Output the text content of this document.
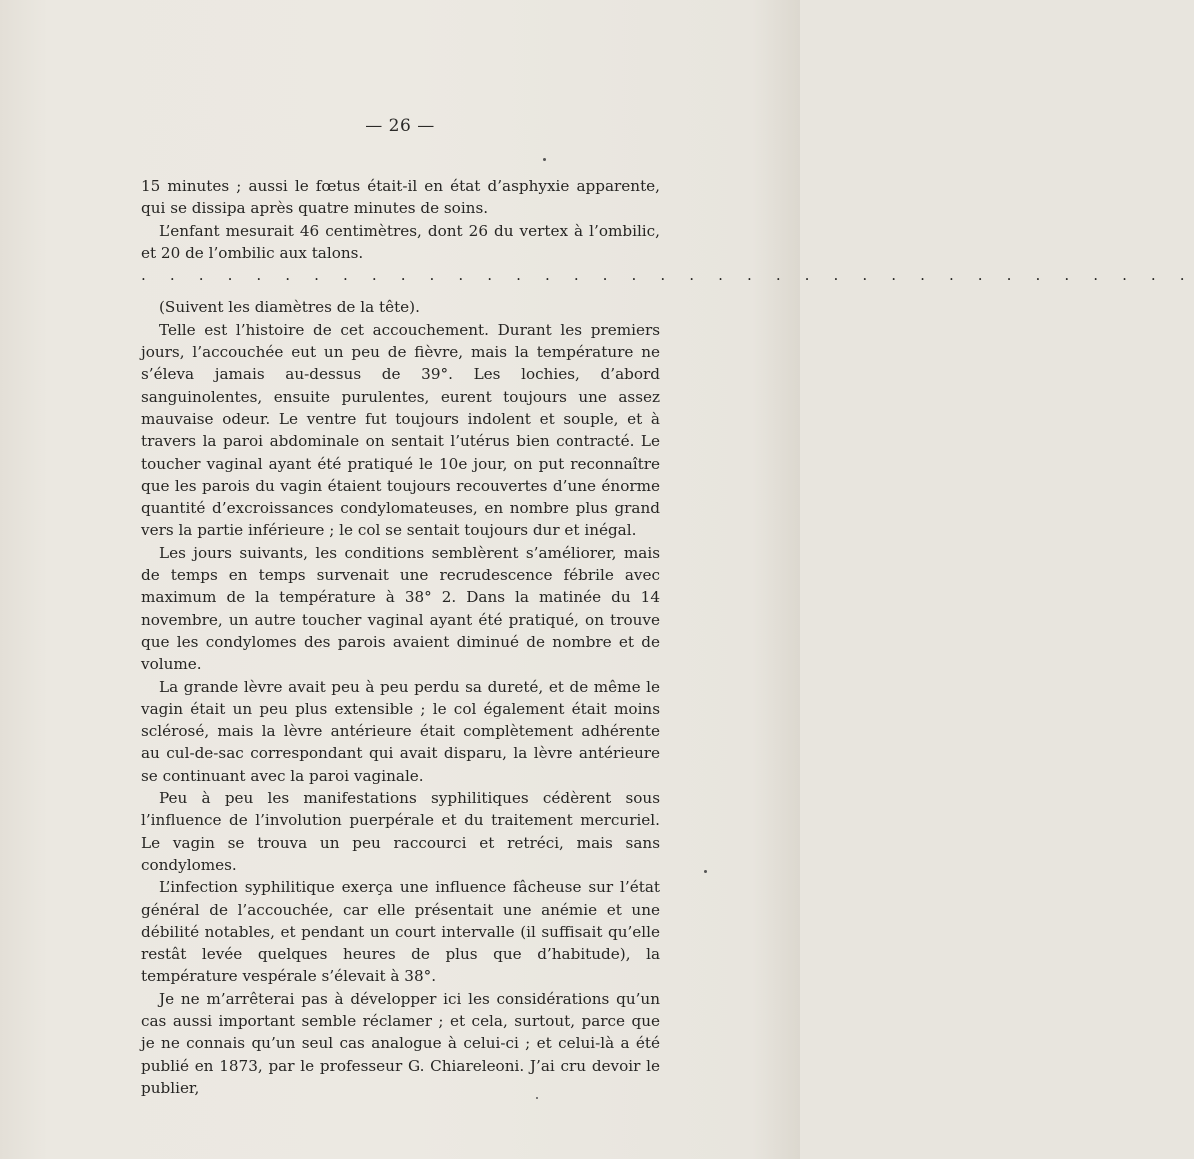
— 26 —

15 minutes ; aussi le fœtus était-il en état d’asphyxie apparente, qui se dissipa après quatre minutes de soins.

L’enfant mesurait 46 centimètres, dont 26 du vertex à l’ombilic, et 20 de l’ombilic aux talons.

. . . . . . . . . . . . . . . . . . . . . . . . . . . . . . . . . . . . .

(Suivent les diamètres de la tête).

Telle est l’histoire de cet accouchement. Durant les premiers jours, l’accouchée eut un peu de fièvre, mais la température ne s’éleva jamais au-dessus de 39°. Les lochies, d’abord sanguinolentes, ensuite purulentes, eurent toujours une assez mauvaise odeur. Le ventre fut toujours indolent et souple, et à travers la paroi abdominale on sentait l’utérus bien contracté. Le toucher vaginal ayant été pratiqué le 10e jour, on put reconnaître que les parois du vagin étaient toujours recouvertes d’une énorme quantité d’excroissances condylomateuses, en nombre plus grand vers la partie inférieure ; le col se sentait toujours dur et inégal.

Les jours suivants, les conditions semblèrent s’améliorer, mais de temps en temps survenait une recrudescence fébrile avec maximum de la température à 38° 2. Dans la matinée du 14 novembre, un autre toucher vaginal ayant été pratiqué, on trouve que les condylomes des parois avaient diminué de nombre et de volume.

La grande lèvre avait peu à peu perdu sa dureté, et de même le vagin était un peu plus extensible ; le col également était moins sclérosé, mais la lèvre antérieure était complètement adhérente au cul-de-sac correspondant qui avait disparu, la lèvre antérieure se continuant avec la paroi vaginale.

Peu à peu les manifestations syphilitiques cédèrent sous l’influence de l’involution puerpérale et du traitement mercuriel. Le vagin se trouva un peu raccourci et retréci, mais sans condylomes.

L’infection syphilitique exerça une influence fâcheuse sur l’état général de l’accouchée, car elle présentait une anémie et une débilité notables, et pendant un court intervalle (il suffisait qu’elle restât levée quelques heures de plus que d’habitude), la température vespérale s’élevait à 38°.

Je ne m’arrêterai pas à développer ici les considérations qu’un cas aussi important semble réclamer ; et cela, surtout, parce que je ne connais qu’un seul cas analogue à celui-ci ; et celui-là a été publié en 1873, par le professeur G. Chiareleoni. J’ai cru devoir le publier,
